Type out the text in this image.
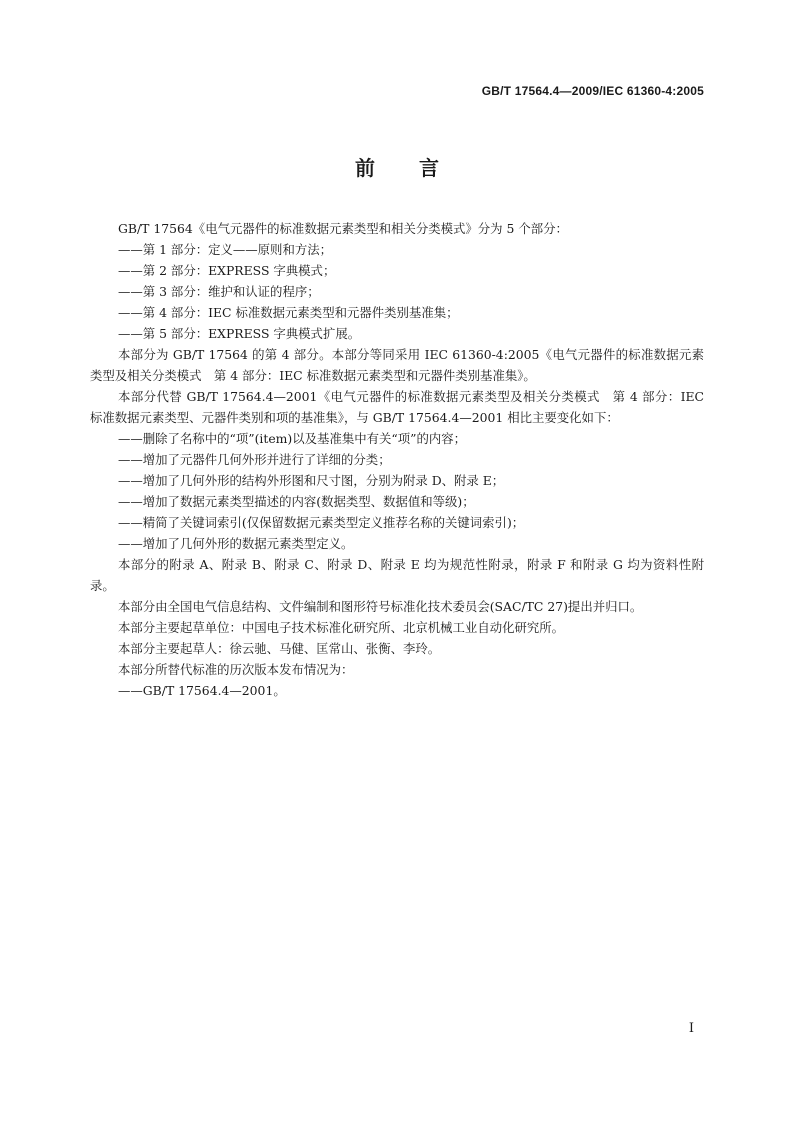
GB/T 17564.4—2009/IEC 61360-4:2005
前言

GB/T 17564《电气元器件的标准数据元素类型和相关分类模式》分为 5 个部分：

——第 1 部分：定义——原则和方法；

——第 2 部分：EXPRESS 字典模式；

——第 3 部分：维护和认证的程序；

——第 4 部分：IEC 标准数据元素类型和元器件类别基准集；

——第 5 部分：EXPRESS 字典模式扩展。

本部分为 GB/T 17564 的第 4 部分。本部分等同采用 IEC 61360-4:2005《电气元器件的标准数据元素类型及相关分类模式　第 4 部分：IEC 标准数据元素类型和元器件类别基准集》。

本部分代替 GB/T 17564.4—2001《电气元器件的标准数据元素类型及相关分类模式　第 4 部分：IEC 标准数据元素类型、元器件类别和项的基准集》，与 GB/T 17564.4—2001 相比主要变化如下：

——删除了名称中的“项”(item)以及基准集中有关“项”的内容；

——增加了元器件几何外形并进行了详细的分类；

——增加了几何外形的结构外形图和尺寸图，分别为附录 D、附录 E；

——增加了数据元素类型描述的内容(数据类型、数据值和等级)；

——精简了关键词索引(仅保留数据元素类型定义推荐名称的关键词索引)；

——增加了几何外形的数据元素类型定义。

本部分的附录 A、附录 B、附录 C、附录 D、附录 E 均为规范性附录，附录 F 和附录 G 均为资料性附录。

本部分由全国电气信息结构、文件编制和图形符号标准化技术委员会(SAC/TC 27)提出并归口。

本部分主要起草单位：中国电子技术标准化研究所、北京机械工业自动化研究所。

本部分主要起草人：徐云驰、马健、匡常山、张衡、李玲。

本部分所替代标准的历次版本发布情况为：

——GB/T 17564.4—2001。

I
